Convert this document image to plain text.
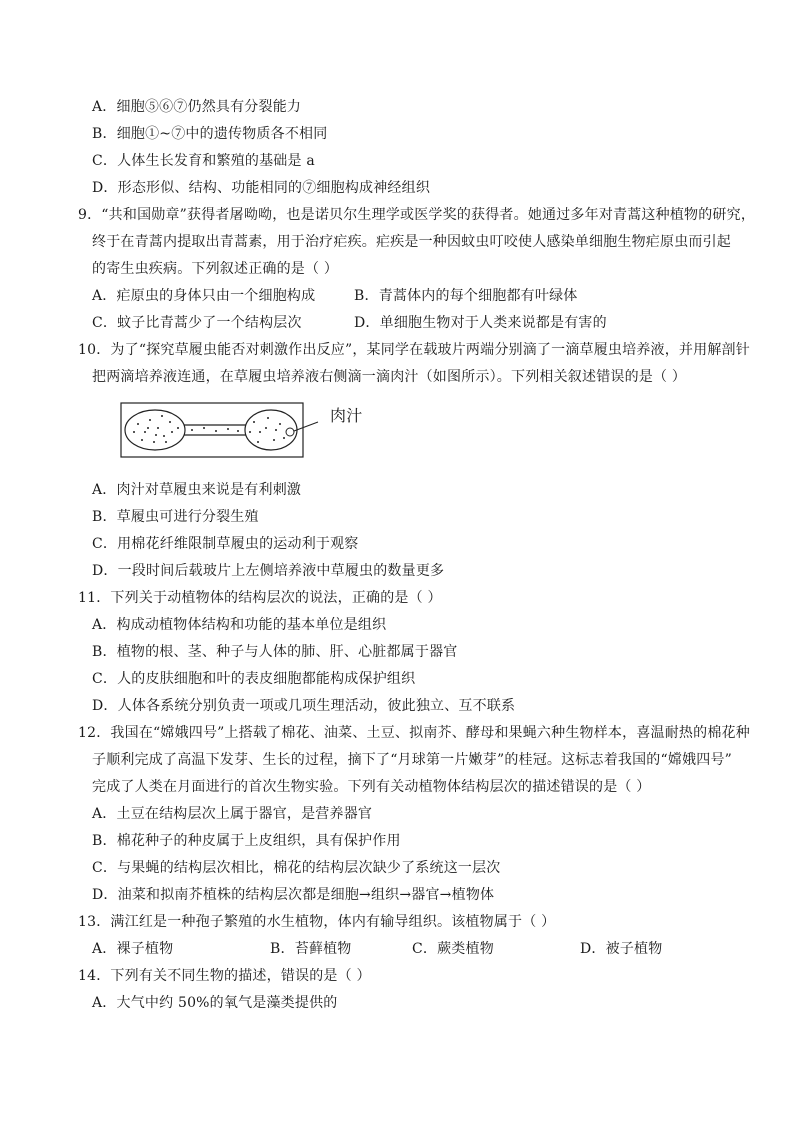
A．细胞⑤⑥⑦仍然具有分裂能力
B．细胞①~⑦中的遗传物质各不相同
C．人体生长发育和繁殖的基础是 a
D．形态形似、结构、功能相同的⑦细胞构成神经组织
9．“共和国勋章”获得者屠呦呦，也是诺贝尔生理学或医学奖的获得者。她通过多年对青蒿这种植物的研究，
终于在青蒿内提取出青蒿素，用于治疗疟疾。疟疾是一种因蚊虫叮咬使人感染单细胞生物疟原虫而引起
的寄生虫疾病。下列叙述正确的是（ ）
A．疟原虫的身体只由一个细胞构成	B．青蒿体内的每个细胞都有叶绿体
C．蚊子比青蒿少了一个结构层次	D．单细胞生物对于人类来说都是有害的
10．为了“探究草履虫能否对刺激作出反应”，某同学在载玻片两端分别滴了一滴草履虫培养液，并用解剖针
把两滴培养液连通，在草履虫培养液右侧滴一滴肉汁（如图所示）。下列相关叙述错误的是（ ）
肉汁
A．肉汁对草履虫来说是有利刺激
B．草履虫可进行分裂生殖
C．用棉花纤维限制草履虫的运动利于观察
D．一段时间后载玻片上左侧培养液中草履虫的数量更多
11．下列关于动植物体的结构层次的说法，正确的是（ ）
A．构成动植物体结构和功能的基本单位是组织
B．植物的根、茎、种子与人体的肺、肝、心脏都属于器官
C．人的皮肤细胞和叶的表皮细胞都能构成保护组织
D．人体各系统分别负责一项或几项生理活动，彼此独立、互不联系
12．我国在“嫦娥四号”上搭载了棉花、油菜、土豆、拟南芥、酵母和果蝇六种生物样本，喜温耐热的棉花种
子顺利完成了高温下发芽、生长的过程，摘下了“月球第一片嫩芽”的桂冠。这标志着我国的“嫦娥四号”
完成了人类在月面进行的首次生物实验。下列有关动植物体结构层次的描述错误的是（ ）
A．土豆在结构层次上属于器官，是营养器官
B．棉花种子的种皮属于上皮组织，具有保护作用
C．与果蝇的结构层次相比，棉花的结构层次缺少了系统这一层次
D．油菜和拟南芥植株的结构层次都是细胞→组织→器官→植物体
13．满江红是一种孢子繁殖的水生植物，体内有输导组织。该植物属于（ ）
A．裸子植物	B．苔藓植物	C．蕨类植物	D．被子植物
14．下列有关不同生物的描述，错误的是（ ）
A．大气中约 50%的氧气是藻类提供的
